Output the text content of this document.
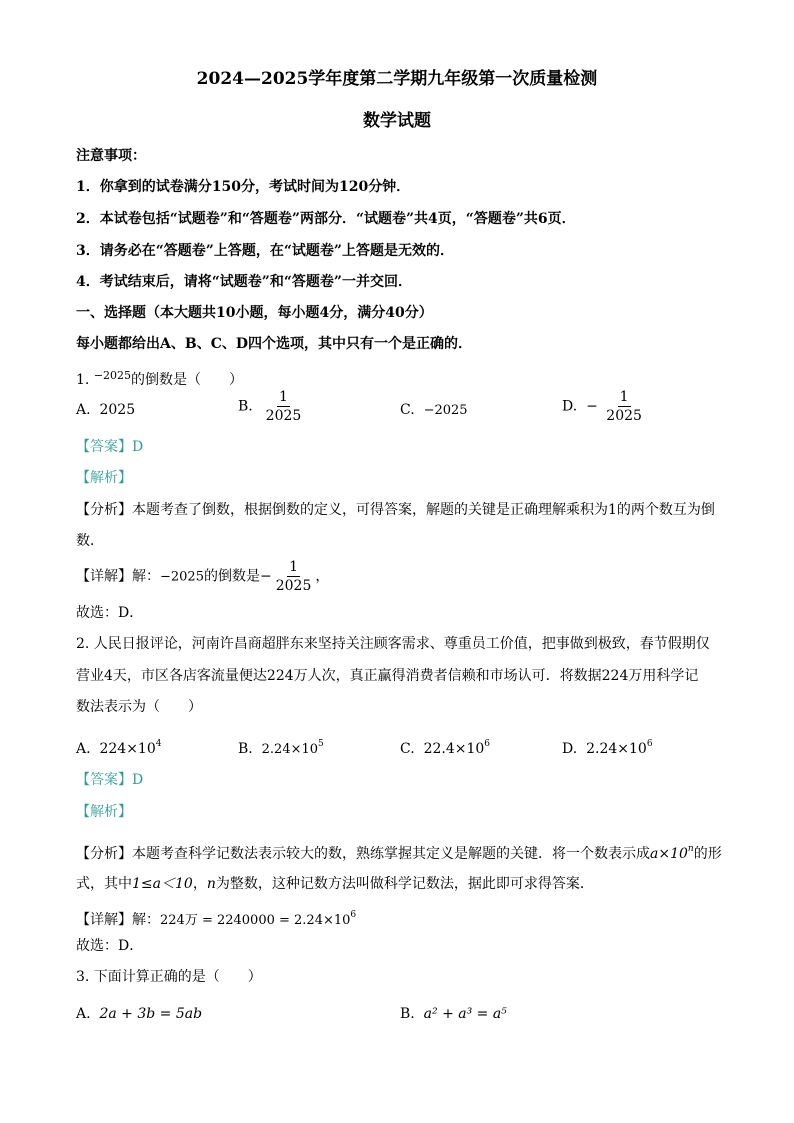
2024—2025学年度第二学期九年级第一次质量检测
数学试题
注意事项：
1．你拿到的试卷满分150分，考试时间为120分钟．
2．本试卷包括“试题卷”和“答题卷”两部分．“试题卷”共4页，“答题卷”共6页．
3．请务必在“答题卷”上答题，在“试题卷”上答题是无效的．
4．考试结束后，请将“试题卷”和“答题卷”一并交回．
一、选择题（本大题共10小题，每小题4分，满分40分）
每小题都给出A、B、C、D四个选项，其中只有一个是正确的．
1. $^{-2025}$的倒数是（　　）
A. 2025	B. $\frac{1}{2025}$	C. −2025	D. − $\frac{1}{2025}$
【答案】D
【解析】
【分析】本题考查了倒数，根据倒数的定义，可得答案，解题的关键是正确理解乘积为1的两个数互为倒
数．
【详解】解：−2025的倒数是− $\frac{1}{2025}$ ，
故选：D．
2. 人民日报评论，河南许昌商超胖东来坚持关注顾客需求、尊重员工价值，把事做到极致，春节假期仅
营业4天，市区各店客流量便达224万人次，真正赢得消费者信赖和市场认可．将数据224万用科学记
数法表示为（　　）
A. $224\times 10^4$	B. $2.24\times 10^5$	C. $22.4\times 10^6$	D. $2.24\times 10^6$
【答案】D
【解析】
【分析】本题考查科学记数法表示较大的数，熟练掌握其定义是解题的关键．将一个数表示成$a\times 10^n$的形
式，其中1≤a＜10，n为整数，这种记数方法叫做科学记数法，据此即可求得答案．
【详解】解：224万 = $2240000 = 2.24\times 10^6$
故选：D．
3. 下面计算正确的是（　　）
A. 2a + 3b = 5ab	B. a² + a³ = a⁵
